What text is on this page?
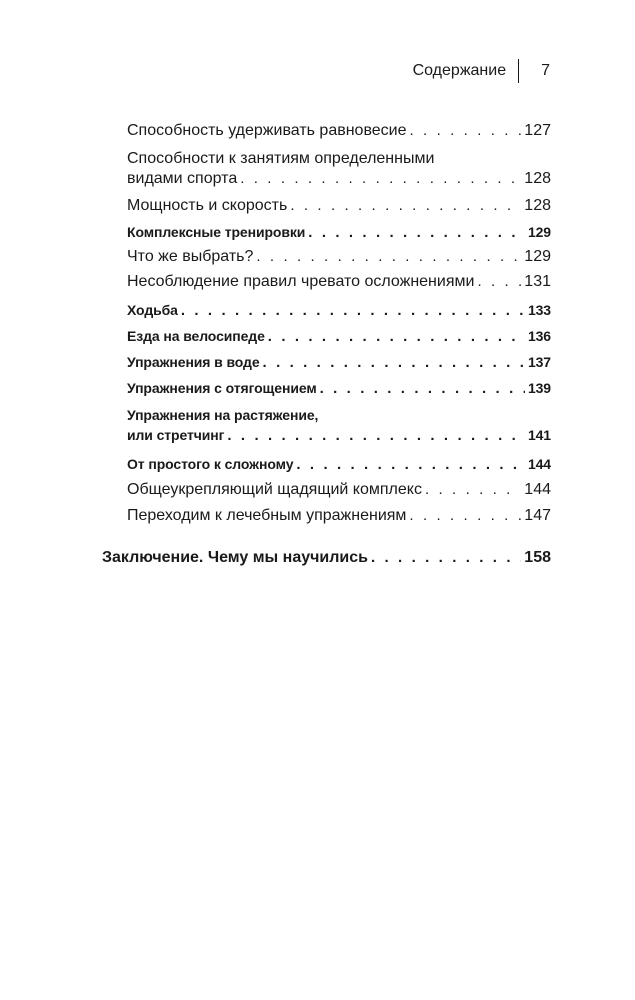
Содержание	7
Способность удерживать равновесие . . .	127
Способности к занятиям определенными
видами спорта . . .	128
Мощность и скорость . . .	128
Комплексные тренировки . . .	129
Что же выбрать? . . .	129
Несоблюдение правил чревато осложнениями . . .	131
Ходьба . . .	133
Езда на велосипеде . . .	136
Упражнения в воде . . .	137
Упражнения с отягощением . . .	139
Упражнения на растяжение,
или стретчинг . . .	141
От простого к сложному . . .	144
Общеукрепляющий щадящий комплекс . . .	144
Переходим к лечебным упражнениям . . .	147
Заключение. Чему мы научились . . .	158
